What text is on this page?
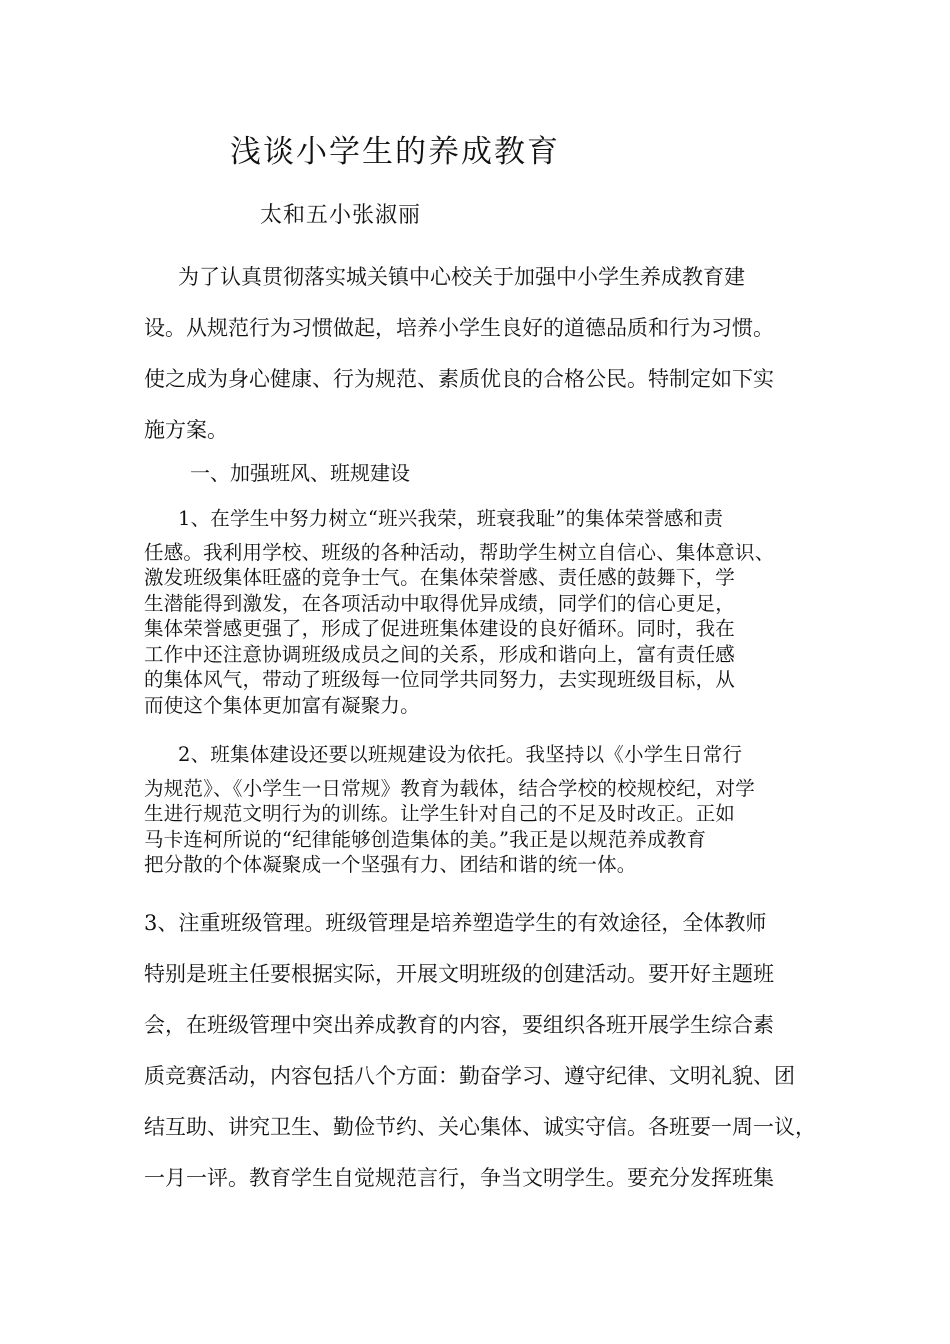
浅谈小学生的养成教育
太和五小张淑丽
为了认真贯彻落实城关镇中心校关于加强中小学生养成教育建
设。从规范行为习惯做起，培养小学生良好的道德品质和行为习惯。
使之成为身心健康、行为规范、素质优良的合格公民。特制定如下实
施方案。
一、加强班风、班规建设
1、在学生中努力树立“班兴我荣，班衰我耻”的集体荣誉感和责
任感。我利用学校、班级的各种活动，帮助学生树立自信心、集体意识、
激发班级集体旺盛的竞争士气。在集体荣誉感、责任感的鼓舞下，学
生潜能得到激发，在各项活动中取得优异成绩，同学们的信心更足，
集体荣誉感更强了，形成了促进班集体建设的良好循环。同时，我在
工作中还注意协调班级成员之间的关系，形成和谐向上，富有责任感
的集体风气，带动了班级每一位同学共同努力，去实现班级目标，从
而使这个集体更加富有凝聚力。
2、班集体建设还要以班规建设为依托。我坚持以《小学生日常行
为规范》、《小学生一日常规》教育为载体，结合学校的校规校纪，对学
生进行规范文明行为的训练。让学生针对自己的不足及时改正。正如
马卡连柯所说的“纪律能够创造集体的美。”我正是以规范养成教育
把分散的个体凝聚成一个坚强有力、团结和谐的统一体。
3、注重班级管理。班级管理是培养塑造学生的有效途径，全体教师
特别是班主任要根据实际，开展文明班级的创建活动。要开好主题班
会，在班级管理中突出养成教育的内容，要组织各班开展学生综合素
质竞赛活动，内容包括八个方面：勤奋学习、遵守纪律、文明礼貌、团
结互助、讲究卫生、勤俭节约、关心集体、诚实守信。各班要一周一议，
一月一评。教育学生自觉规范言行，争当文明学生。要充分发挥班集
